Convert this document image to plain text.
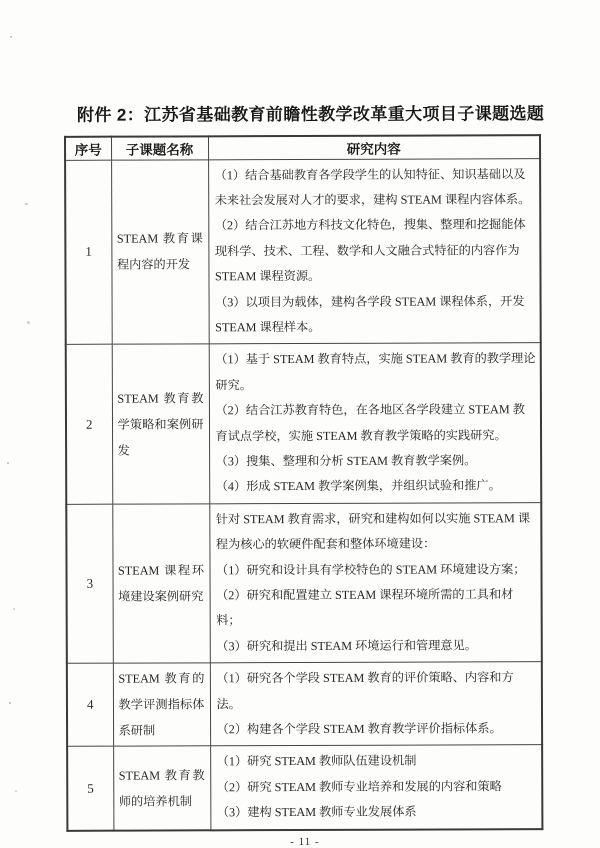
附件 2：江苏省基础教育前瞻性教学改革重大项目子课题选题
序号	子课题名称	研究内容
1	STEAM 教育课程内容的开发	（1）结合基础教育各学段学生的认知特征、知识基础以及未来社会发展对人才的要求，建构 STEAM 课程内容体系。

（2）结合江苏地方科技文化特色，搜集、整理和挖掘能体现科学、技术、工程、数学和人文融合式特征的内容作为 STEAM 课程资源。

（3）以项目为载体，建构各学段 STEAM 课程体系，开发 STEAM 课程样本。

2	STEAM 教育教学策略和案例研发	（1）基于 STEAM 教育特点，实施 STEAM 教育的教学理论研究。

（2）结合江苏教育特色，在各地区各学段建立 STEAM 教育试点学校，实施 STEAM 教育教学策略的实践研究。

（3）搜集、整理和分析 STEAM 教育教学案例。

（4）形成 STEAM 教学案例集，并组织试验和推广。

3	STEAM 课程环境建设案例研究	针对 STEAM 教育需求，研究和建构如何以实施 STEAM 课程为核心的软硬件配套和整体环境建设：

（1）研究和设计具有学校特色的 STEAM 环境建设方案；

（2）研究和配置建立 STEAM 课程环境所需的工具和材料；

（3）研究和提出 STEAM 环境运行和管理意见。

4	STEAM 教育的教学评测指标体系研制	（1）研究各个学段 STEAM 教育的评价策略、内容和方法。

（2）构建各个学段 STEAM 教育教学评价指标体系。

5	STEAM 教育教师的培养机制	（1）研究 STEAM 教师队伍建设机制

（2）研究 STEAM 教师专业培养和发展的内容和策略

（3）建构 STEAM 教师专业发展体系

- 11 -
